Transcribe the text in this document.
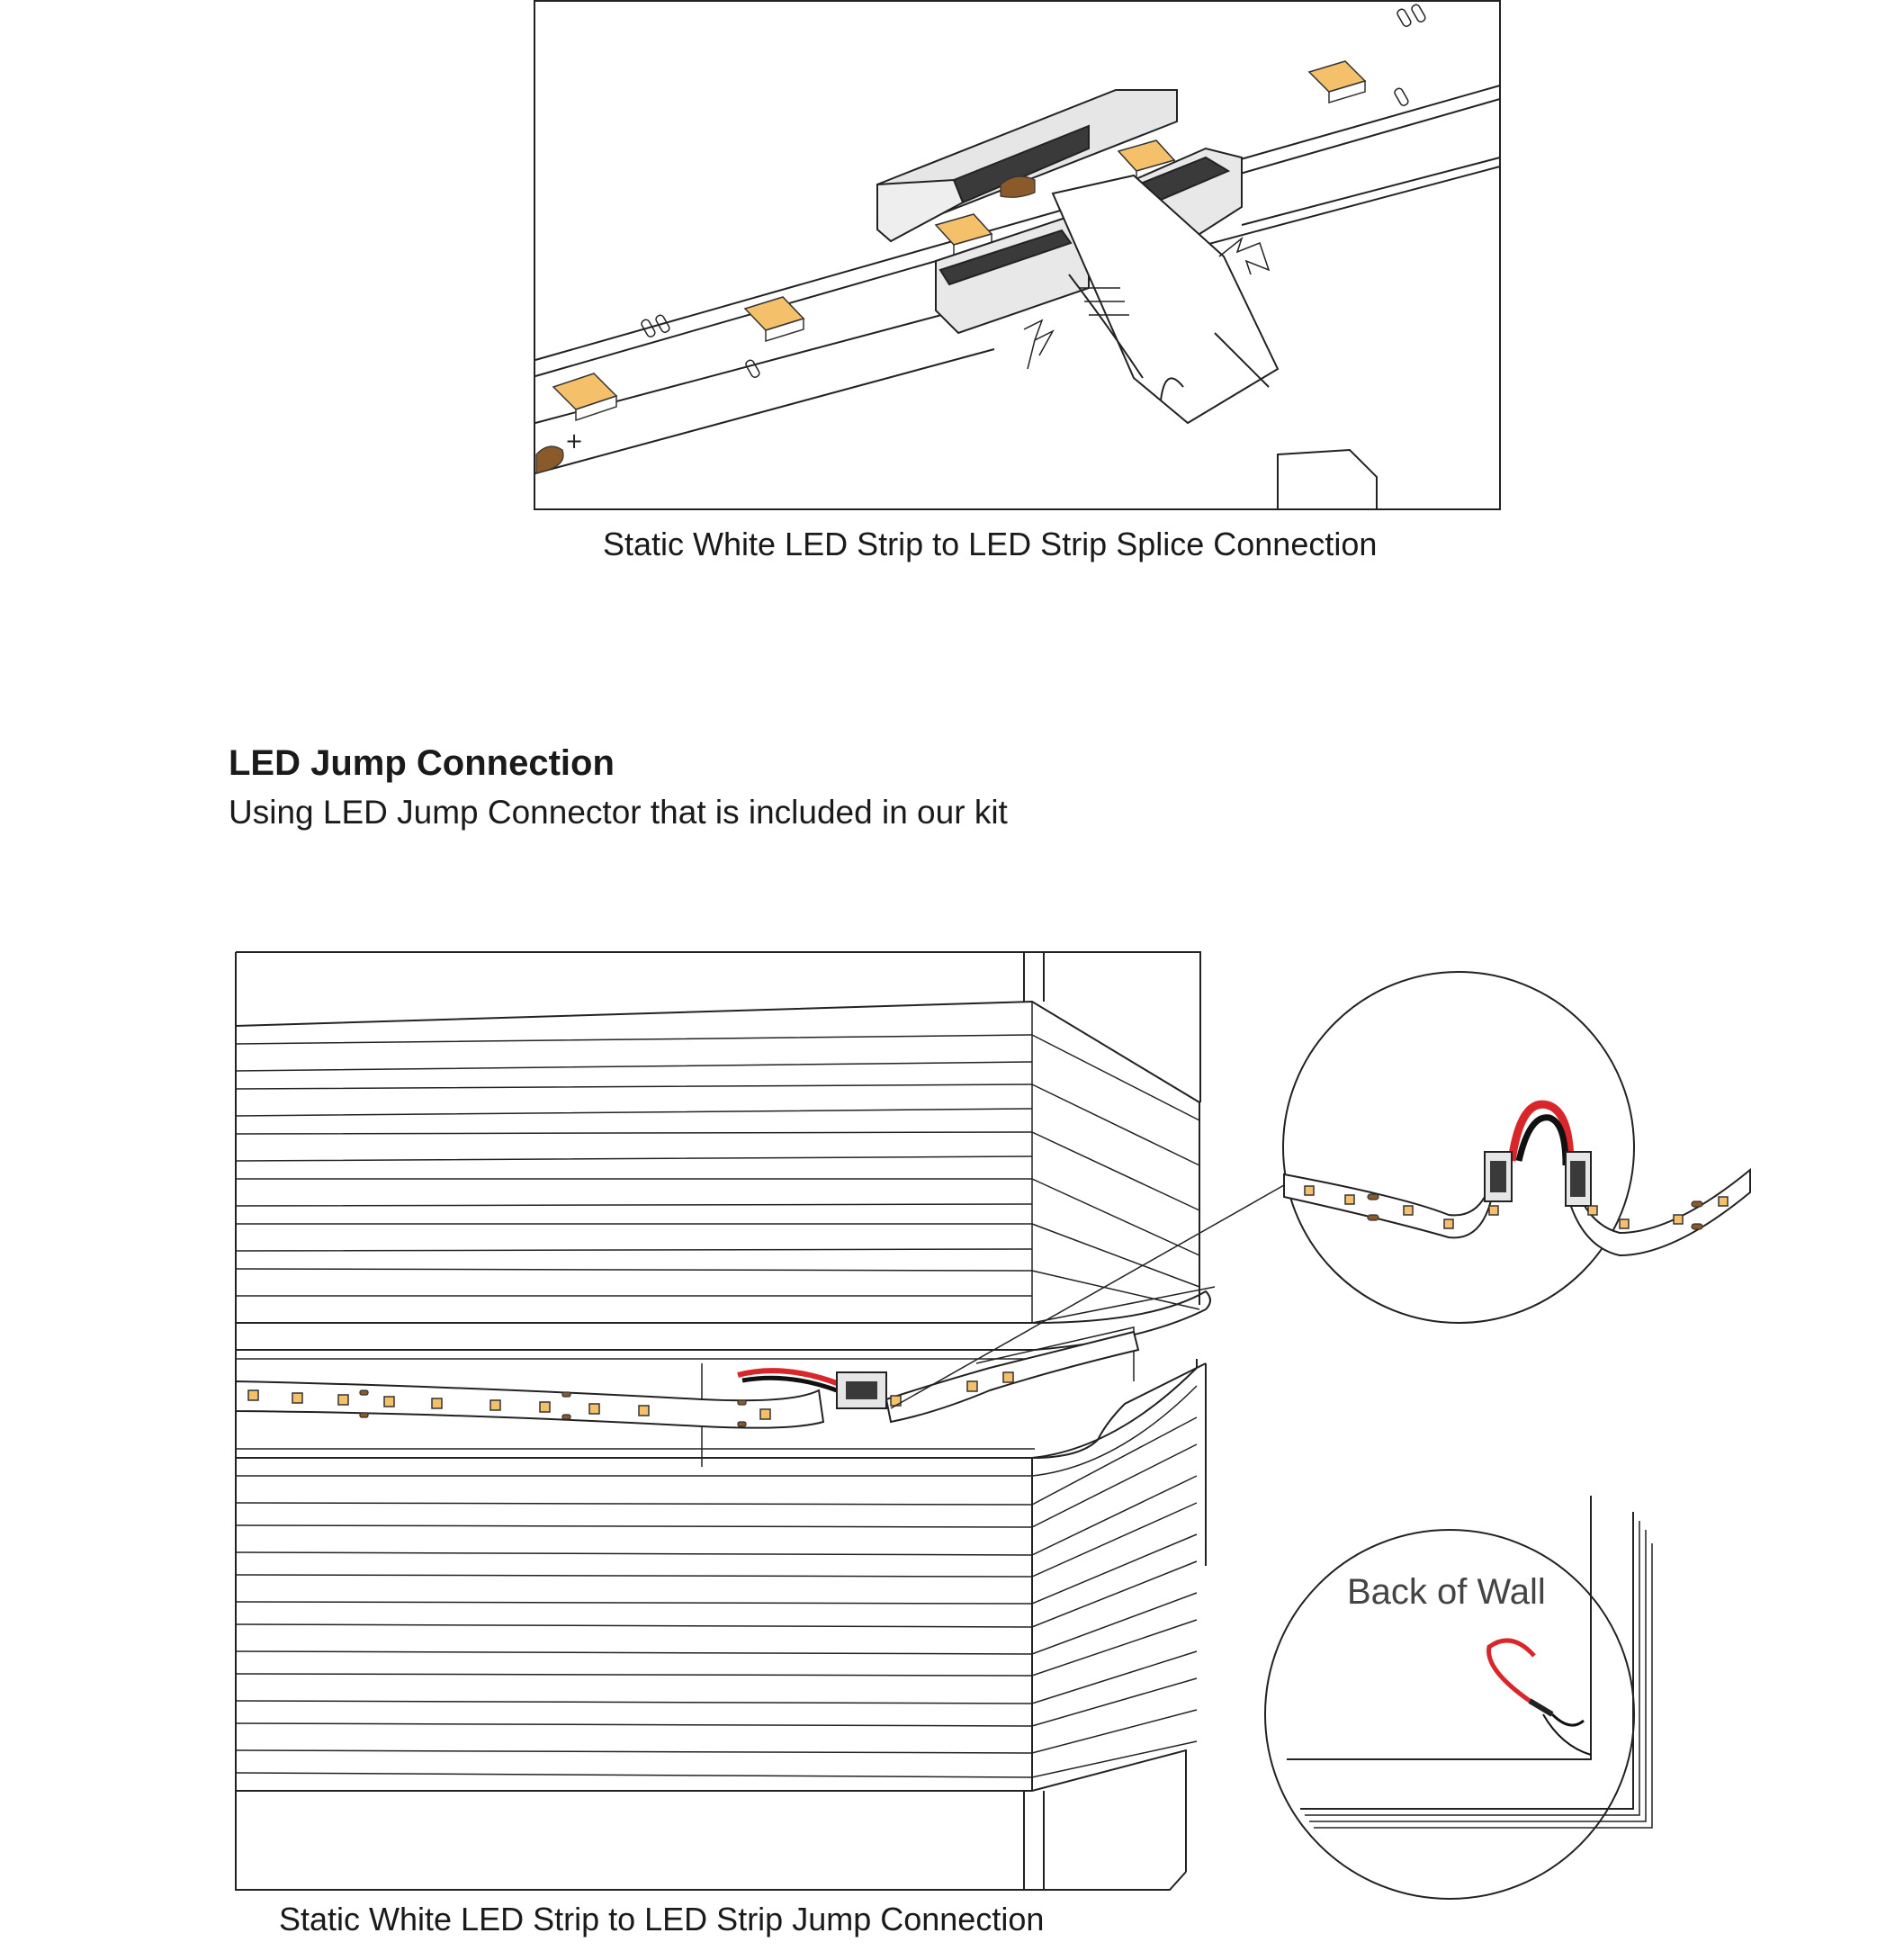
+
Static White LED Strip to LED Strip Splice Connection
LED Jump Connection
Using LED Jump Connector that is included in our kit
Static White LED Strip to LED Strip Jump Connection
Back of Wall
